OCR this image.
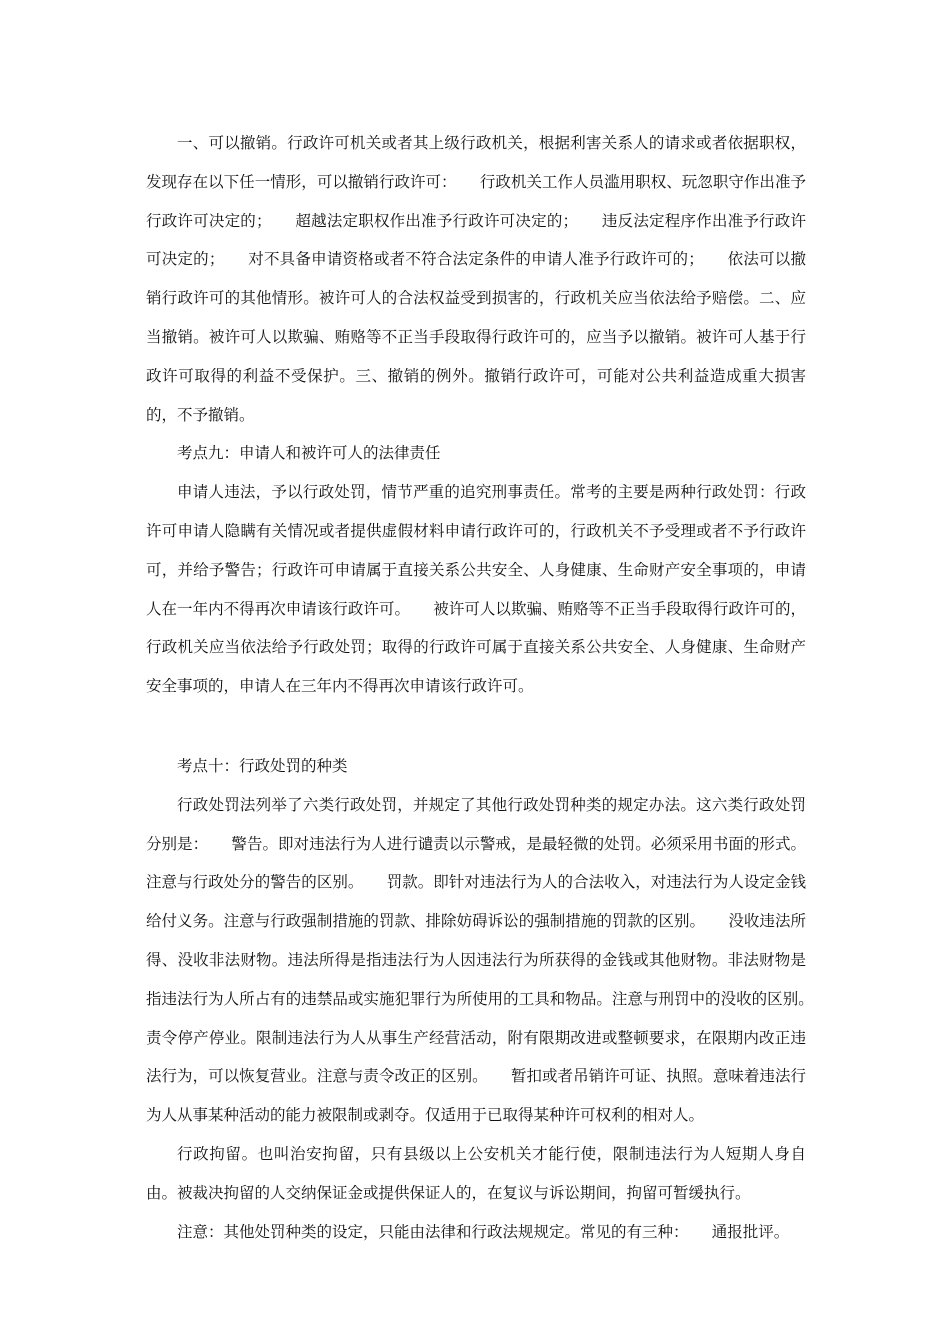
一、可以撤销。行政许可机关或者其上级行政机关，根据利害关系人的请求或者依据职权，发现存在以下任一情形，可以撤销行政许可：　　行政机关工作人员滥用职权、玩忽职守作出准予行政许可决定的；　　超越法定职权作出准予行政许可决定的；　　违反法定程序作出准予行政许可决定的；　　对不具备申请资格或者不符合法定条件的申请人准予行政许可的；　　依法可以撤销行政许可的其他情形。被许可人的合法权益受到损害的，行政机关应当依法给予赔偿。二、应当撤销。被许可人以欺骗、贿赂等不正当手段取得行政许可的，应当予以撤销。被许可人基于行政许可取得的利益不受保护。三、撤销的例外。撤销行政许可，可能对公共利益造成重大损害的，不予撤销。

考点九：申请人和被许可人的法律责任

申请人违法，予以行政处罚，情节严重的追究刑事责任。常考的主要是两种行政处罚：行政许可申请人隐瞒有关情况或者提供虚假材料申请行政许可的，行政机关不予受理或者不予行政许可，并给予警告；行政许可申请属于直接关系公共安全、人身健康、生命财产安全事项的，申请人在一年内不得再次申请该行政许可。　　被许可人以欺骗、贿赂等不正当手段取得行政许可的，行政机关应当依法给予行政处罚；取得的行政许可属于直接关系公共安全、人身健康、生命财产安全事项的，申请人在三年内不得再次申请该行政许可。

考点十：行政处罚的种类

行政处罚法列举了六类行政处罚，并规定了其他行政处罚种类的规定办法。这六类行政处罚分别是：　　警告。即对违法行为人进行谴责以示警戒，是最轻微的处罚。必须采用书面的形式。注意与行政处分的警告的区别。　　罚款。即针对违法行为人的合法收入，对违法行为人设定金钱给付义务。注意与行政强制措施的罚款、排除妨碍诉讼的强制措施的罚款的区别。　　没收违法所得、没收非法财物。违法所得是指违法行为人因违法行为所获得的金钱或其他财物。非法财物是指违法行为人所占有的违禁品或实施犯罪行为所使用的工具和物品。注意与刑罚中的没收的区别。　　责令停产停业。限制违法行为人从事生产经营活动，附有限期改进或整顿要求，在限期内改正违法行为，可以恢复营业。注意与责令改正的区别。　　暂扣或者吊销许可证、执照。意味着违法行为人从事某种活动的能力被限制或剥夺。仅适用于已取得某种许可权利的相对人。

行政拘留。也叫治安拘留，只有县级以上公安机关才能行使，限制违法行为人短期人身自由。被裁决拘留的人交纳保证金或提供保证人的，在复议与诉讼期间，拘留可暂缓执行。

注意：其他处罚种类的设定，只能由法律和行政法规规定。常见的有三种：　　通报批评。
